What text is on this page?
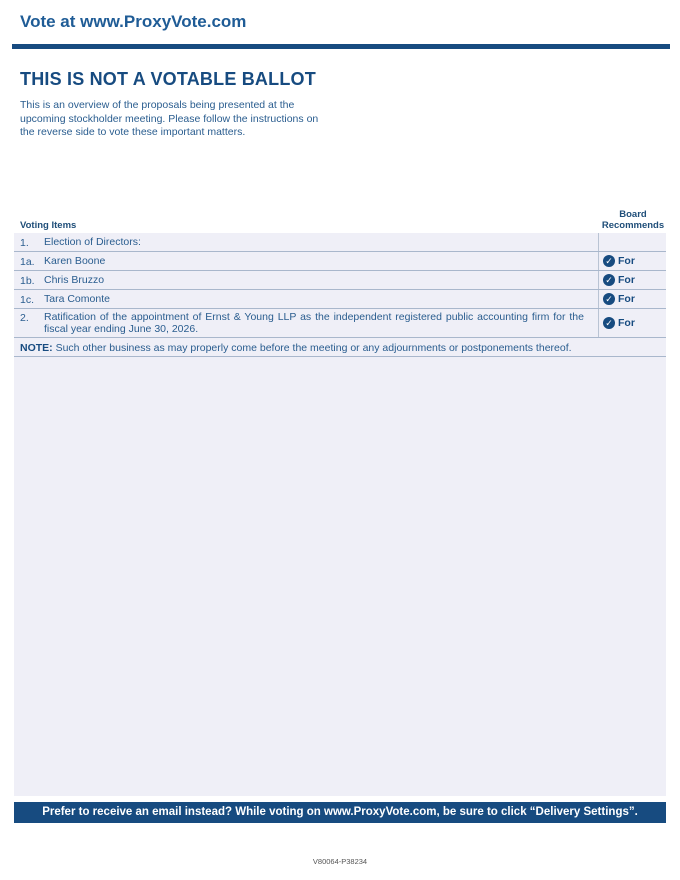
Vote at www.ProxyVote.com
THIS IS NOT A VOTABLE BALLOT

This is an overview of the proposals being presented at the upcoming stockholder meeting. Please follow the instructions on the reverse side to vote these important matters.

Voting Items
Board
Recommends
1. Election of Directors:
1a. Karen Boone	✓ For
1b. Chris Bruzzo	✓ For
1c. Tara Comonte	✓ For
2. Ratification of the appointment of Ernst & Young LLP as the independent registered public accounting firm for the fiscal year ending June 30, 2026.	✓ For
NOTE: Such other business as may properly come before the meeting or any adjournments or postponements thereof.
Prefer to receive an email instead? While voting on www.ProxyVote.com, be sure to click “Delivery Settings”.
V80064-P38234
